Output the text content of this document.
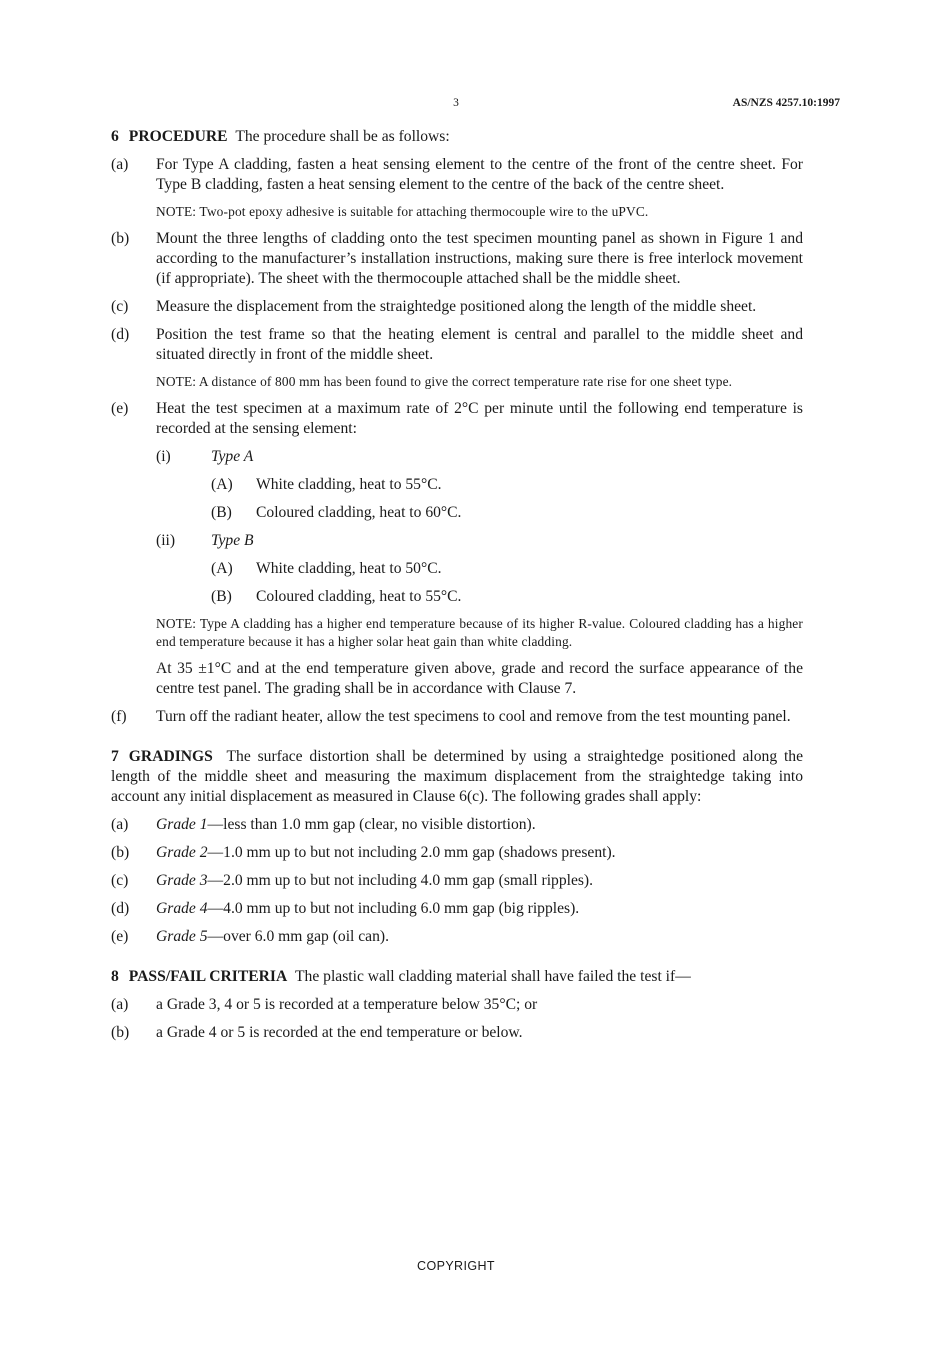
3	AS/NZS 4257.10:1997
6 PROCEDURE The procedure shall be as follows:
(a) For Type A cladding, fasten a heat sensing element to the centre of the front of the centre sheet. For Type B cladding, fasten a heat sensing element to the centre of the back of the centre sheet.
NOTE: Two-pot epoxy adhesive is suitable for attaching thermocouple wire to the uPVC.
(b) Mount the three lengths of cladding onto the test specimen mounting panel as shown in Figure 1 and according to the manufacturer’s installation instructions, making sure there is free interlock movement (if appropriate). The sheet with the thermocouple attached shall be the middle sheet.
(c) Measure the displacement from the straightedge positioned along the length of the middle sheet.
(d) Position the test frame so that the heating element is central and parallel to the middle sheet and situated directly in front of the middle sheet.
NOTE: A distance of 800 mm has been found to give the correct temperature rate rise for one sheet type.
(e) Heat the test specimen at a maximum rate of 2°C per minute until the following end temperature is recorded at the sensing element:
(i)	Type A
(A) White cladding, heat to 55°C.
(B) Coloured cladding, heat to 60°C.
(ii) Type B
(A) White cladding, heat to 50°C.
(B) Coloured cladding, heat to 55°C.
NOTE: Type A cladding has a higher end temperature because of its higher R-value. Coloured cladding has a higher end temperature because it has a higher solar heat gain than white cladding.
At 35 ±1°C and at the end temperature given above, grade and record the surface appearance of the centre test panel. The grading shall be in accordance with Clause 7.
(f) Turn off the radiant heater, allow the test specimens to cool and remove from the test mounting panel.
7 GRADINGS The surface distortion shall be determined by using a straightedge positioned along the length of the middle sheet and measuring the maximum displacement from the straightedge taking into account any initial displacement as measured in Clause 6(c). The following grades shall apply:
(a) Grade 1—less than 1.0 mm gap (clear, no visible distortion).
(b) Grade 2—1.0 mm up to but not including 2.0 mm gap (shadows present).
(c) Grade 3—2.0 mm up to but not including 4.0 mm gap (small ripples).
(d) Grade 4—4.0 mm up to but not including 6.0 mm gap (big ripples).
(e) Grade 5—over 6.0 mm gap (oil can).
8 PASS/FAIL CRITERIA The plastic wall cladding material shall have failed the test if—
(a) a Grade 3, 4 or 5 is recorded at a temperature below 35°C; or
(b) a Grade 4 or 5 is recorded at the end temperature or below.
COPYRIGHT
